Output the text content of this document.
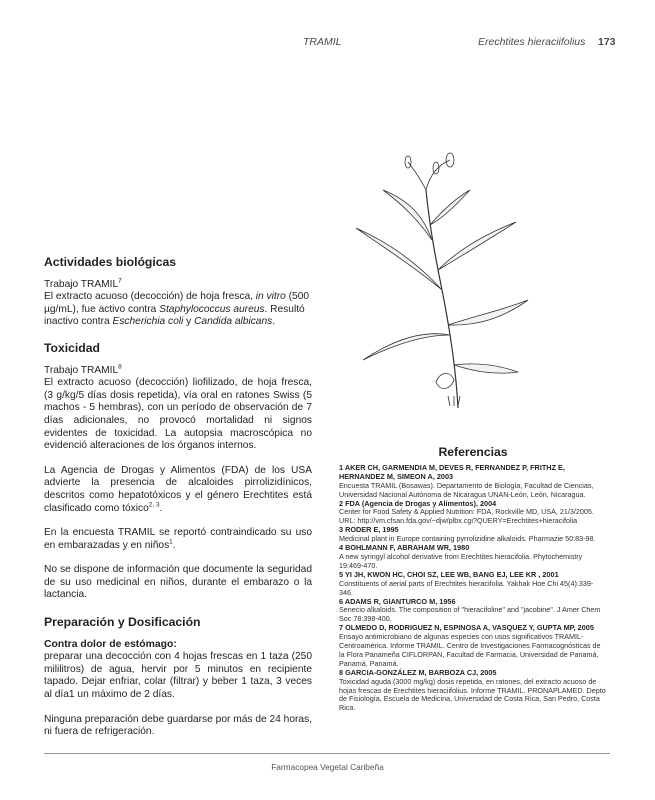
TRAMIL	Erechtites hieraciifolius 173
Actividades biológicas

Trabajo TRAMIL$^7$

El extracto acuoso (decocción) de hoja fresca, in vitro (500 µg/mL), fue activo contra Staphylococcus aureus. Resultó inactivo contra Escherichia coli y Candida albicans.

Toxicidad

Trabajo TRAMIL$^8$

El extracto acuoso (decocción) liofilizado, de hoja fresca, (3 g/kg/5 días dosis repetida), vía oral en ratones Swiss (5 machos - 5 hembras), con un período de observación de 7 días adicionales, no provocó mortalidad ni signos evidentes de toxicidad. La autopsia macroscópica no evidenció alteraciones de los órganos internos.

La Agencia de Drogas y Alimentos (FDA) de los USA advierte la presencia de alcaloides pirrolizidínicos, descritos como hepatotóxicos y el género Erechtites está clasificado como tóxico$^{2, 3}$.

En la encuesta TRAMIL se reportó contraindicado su uso en embarazadas y en niños$^1$.

No se dispone de información que documente la seguridad de su uso medicinal en niños, durante el embarazo o la lactancia.

Preparación y Dosificación
Contra dolor de estómago:

preparar una decocción con 4 hojas frescas en 1 taza (250 mililitros) de agua, hervir por 5 minutos en recipiente tapado. Dejar enfriar, colar (filtrar) y beber 1 taza, 3 veces al día1 un máximo de 2 días.

Ninguna preparación debe guardarse por más de 24 horas, ni fuera de refrigeración.

Referencias
1 AKER CH, GARMENDIA M, DEVES R, FERNANDEZ P, FRITHZ E, HERNANDEZ M, SIMEON A, 2003
Encuesta TRAMIL (Bosawas). Departamento de Biología, Facultad de Ciencias, Universidad Nacional Autónoma de Nicaragua UNAN-León, León, Nicaragua.
2 FDA (Agencia de Drogas y Alimentos), 2004
Center for Food Safety & Applied Nutrition: FDA, Rockville MD, USA, 21/3/2005. URL: http://vm.cfsan.fda.gov/~djw/plbx.cgi?QUERY=Erechtites+hieracifolia
3 RODER E, 1995
Medicinal plant in Europe containing pyrrolizidine alkaloids. Pharmazie 50:83-98.
4 BOHLMANN F, ABRAHAM WR, 1980
A new syringyl alcohol derivative from Erechtites hieracifolia. Phytochemistry 19:469-470.
5 YI JH, KWON HC, CHOI SZ, LEE WB, BANG EJ, LEE KR , 2001
Constituents of aerial parts of Erechtites hieracifolia. Yakhak Hoe Chi 45(4):339-346.
6 ADAMS R, GIANTURCO M, 1956
Senecio alkaloids. The composition of "hieracifoline" and "jacobine". J Amer Chem Soc 78:398-400.
7 OLMEDO D, RODRIGUEZ N, ESPINOSA A, VASQUEZ Y, GUPTA MP, 2005
Ensayo antimicrobiano de algunas especies con usos significativos TRAMIL-Centroamérica. Informe TRAMIL. Centro de Investigaciones Farmacognósticas de la Flora Panameña CIFLORPAN, Facultad de Farmacia, Universidad de Panamá, Panamá, Panamá.
8 GARCIA-GONZÁLEZ M, BARBOZA CJ, 2005
Toxicidad aguda (3000 mg/kg) dosis repetida, en ratones, del extracto acuoso de hojas frescas de Erechtites hieraciifolius. Informe TRAMIL. PRONAPLAMED. Depto de Fisiología, Escuela de Medicina, Universidad de Costa Rica, San Pedro, Costa Rica.
Farmacopea Vegetal Caribeña
